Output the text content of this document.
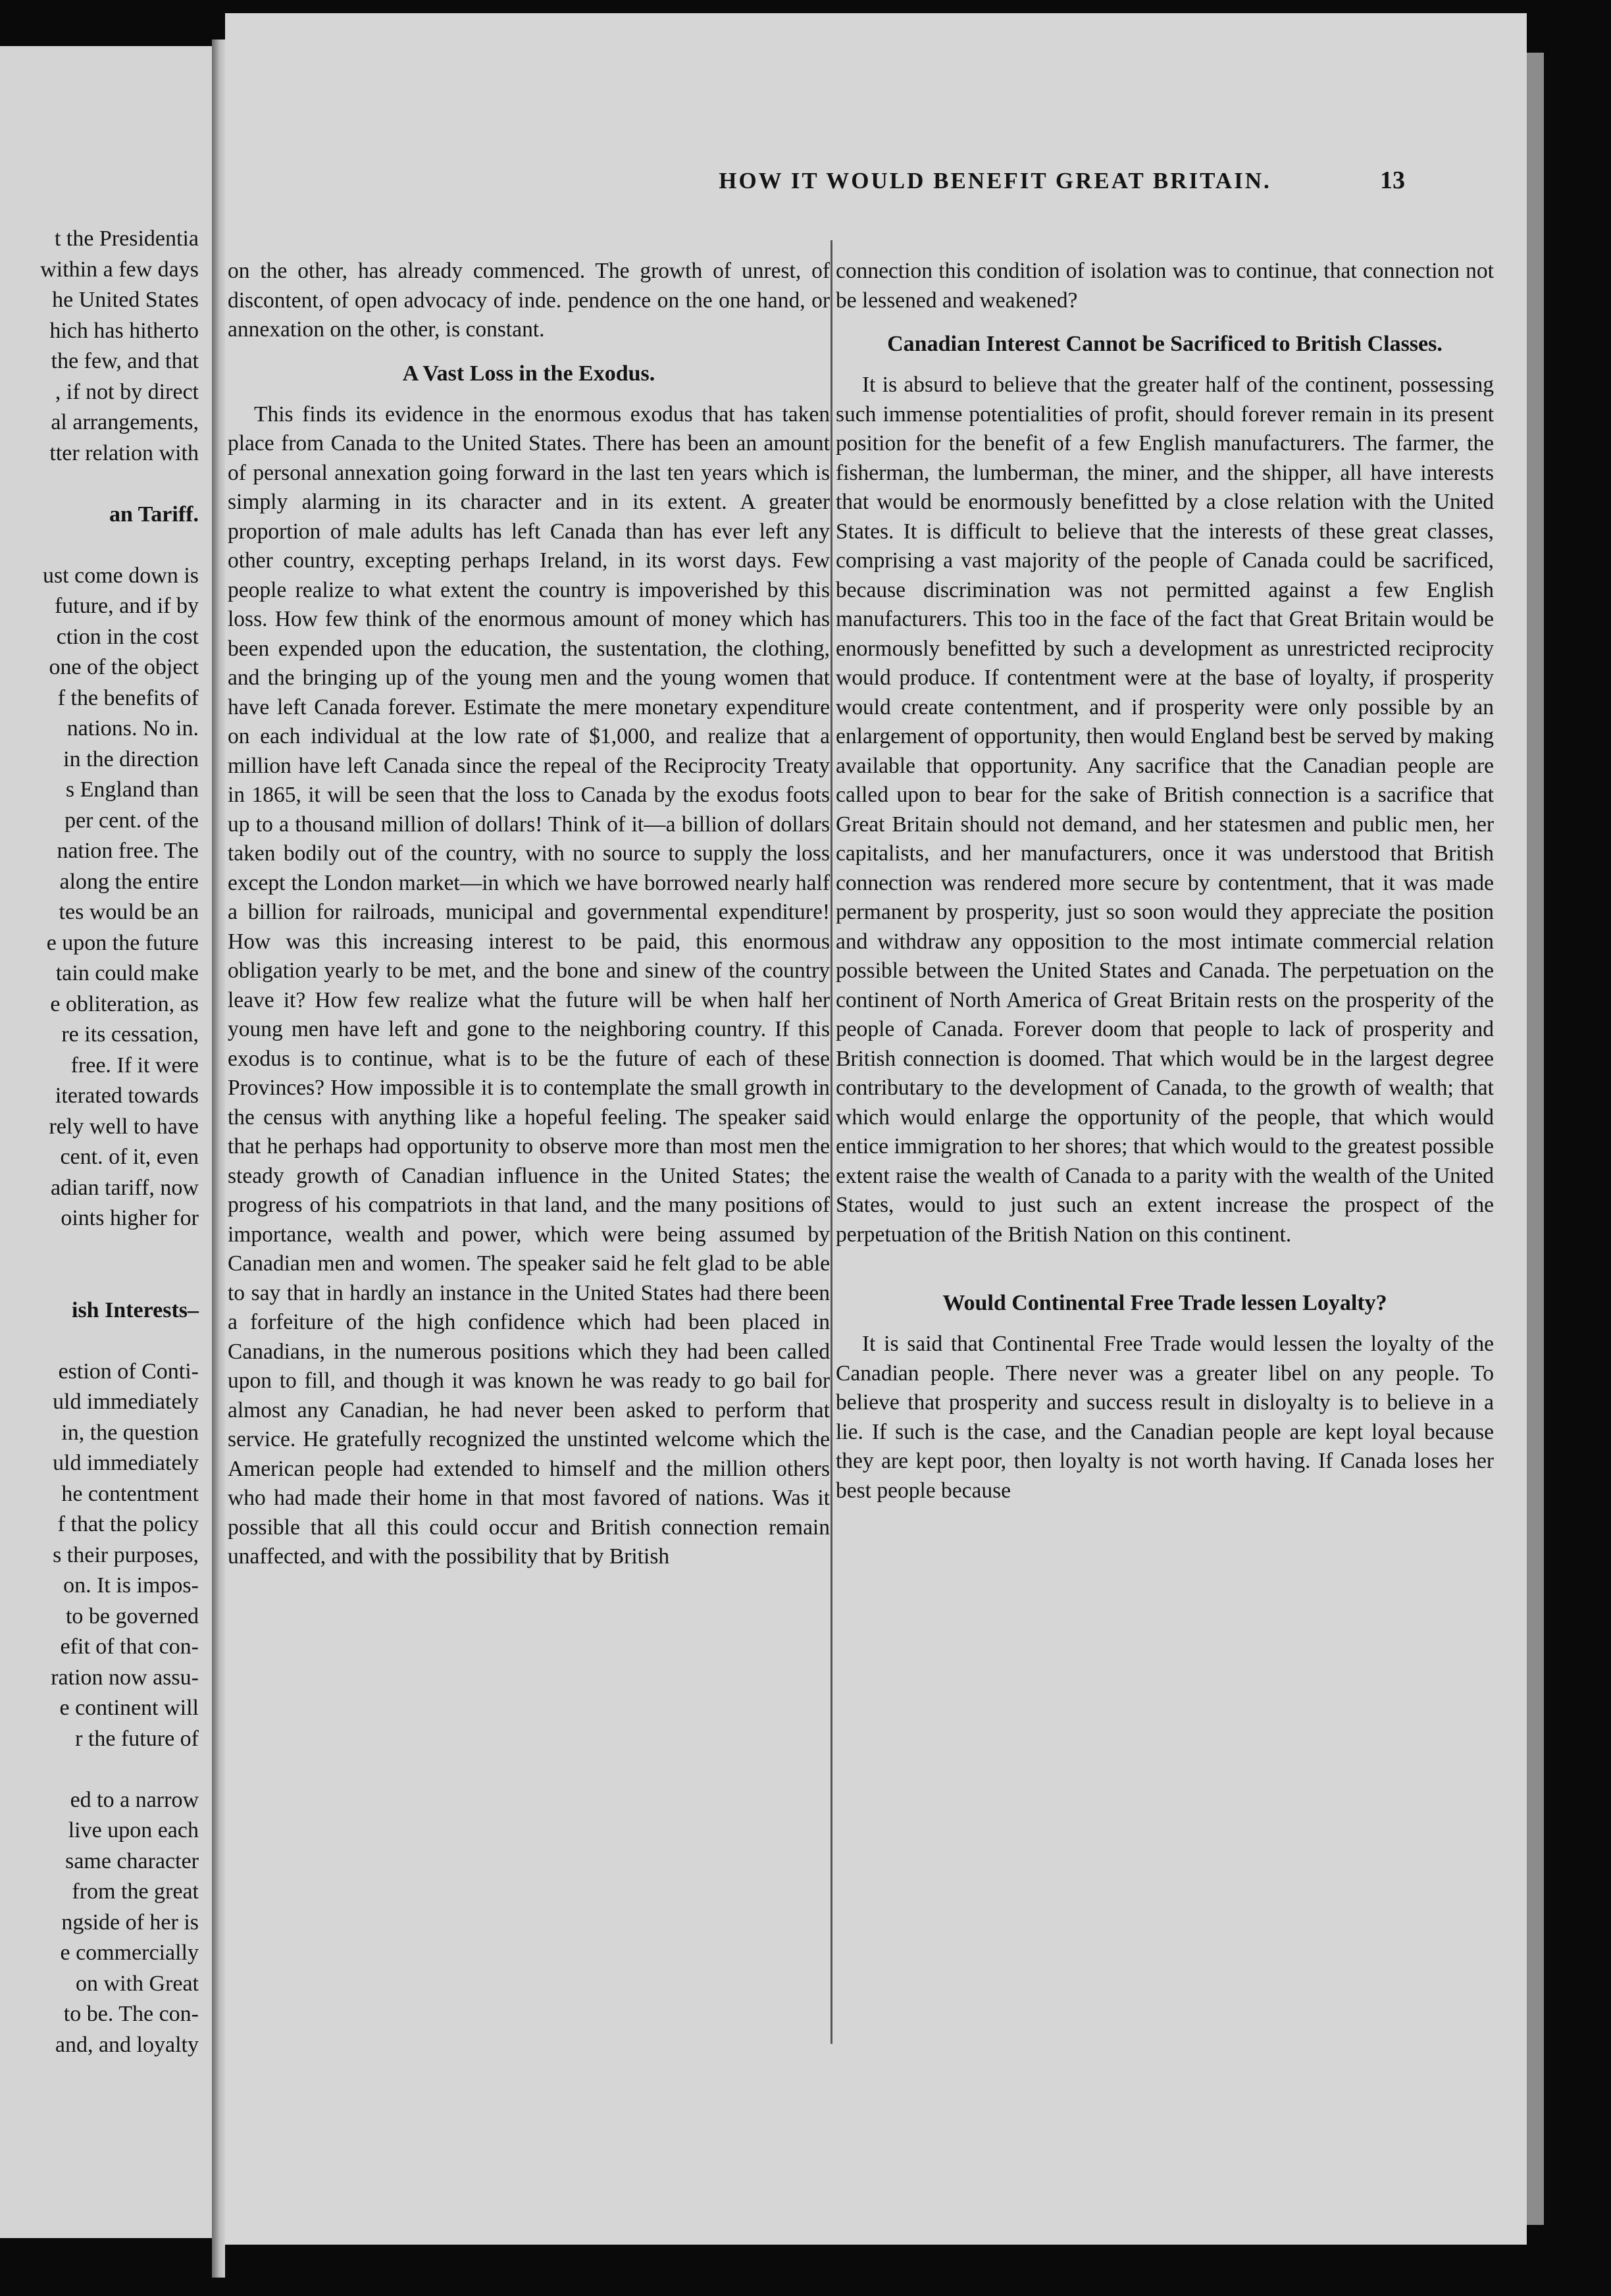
t the Presidentia
within a few days
he United States
hich has hitherto
the few, and that
, if not by direct
al arrangements,
tter relation with
an Tariff.
ust come down is
future, and if by
ction in the cost
one of the object
f the benefits of
nations. No in.
in the direction
s England than
per cent. of the
nation free. The
along the entire
tes would be an
e upon the future
tain could make
e obliteration, as
re its cessation,
free. If it were
iterated towards
rely well to have
cent. of it, even
adian tariff, now
oints higher for
ish Interests–
estion of Conti-
uld immediately
in, the question
uld immediately
he contentment
f that the policy
s their purposes,
on. It is impos-
to be governed
efit of that con-
ration now assu-
e continent will
r the future of
ed to a narrow
live upon each
same character
from the great
ngside of her is
e commercially
on with Great
to be. The con-
and, and loyalty
HOW IT WOULD BENEFIT GREAT BRITAIN.	13

on the other, has already commenced. The growth of unrest, of discontent, of open advocacy of inde. pendence on the one hand, or annexation on the other, is constant.

A Vast Loss in the Exodus.

This finds its evidence in the enormous exodus that has taken place from Canada to the United States. There has been an amount of personal annexation going forward in the last ten years which is simply alarming in its character and in its extent. A greater proportion of male adults has left Canada than has ever left any other country, excepting perhaps Ireland, in its worst days. Few people realize to what extent the country is impoverished by this loss. How few think of the enormous amount of money which has been expended upon the education, the sustentation, the clothing, and the bringing up of the young men and the young women that have left Canada forever. Estimate the mere monetary expenditure on each individual at the low rate of $1,000, and realize that a million have left Canada since the repeal of the Reciprocity Treaty in 1865, it will be seen that the loss to Canada by the exodus foots up to a thousand million of dollars! Think of it—a billion of dollars taken bodily out of the country, with no source to supply the loss except the London market—in which we have borrowed nearly half a billion for railroads, municipal and governmental expenditure! How was this increasing interest to be paid, this enormous obligation yearly to be met, and the bone and sinew of the country leave it? How few realize what the future will be when half her young men have left and gone to the neighboring country. If this exodus is to continue, what is to be the future of each of these Provinces? How impossible it is to contemplate the small growth in the census with anything like a hopeful feeling. The speaker said that he perhaps had opportunity to observe more than most men the steady growth of Canadian influence in the United States; the progress of his compatriots in that land, and the many positions of importance, wealth and power, which were being assumed by Canadian men and women. The speaker said he felt glad to be able to say that in hardly an instance in the United States had there been a forfeiture of the high confidence which had been placed in Canadians, in the numerous positions which they had been called upon to fill, and though it was known he was ready to go bail for almost any Canadian, he had never been asked to perform that service. He gratefully recognized the unstinted welcome which the American people had extended to himself and the million others who had made their home in that most favored of nations. Was it possible that all this could occur and British connection remain unaffected, and with the possibility that by British

connection this condition of isolation was to continue, that connection not be lessened and weakened?

Canadian Interest Cannot be Sacrificed to British Classes.

It is absurd to believe that the greater half of the continent, possessing such immense potentialities of profit, should forever remain in its present position for the benefit of a few English manufacturers. The farmer, the fisherman, the lumberman, the miner, and the shipper, all have interests that would be enormously benefitted by a close relation with the United States. It is difficult to believe that the interests of these great classes, comprising a vast majority of the people of Canada could be sacrificed, because discrimination was not permitted against a few English manufacturers. This too in the face of the fact that Great Britain would be enormously benefitted by such a development as unrestricted reciprocity would produce. If contentment were at the base of loyalty, if prosperity would create contentment, and if prosperity were only possible by an enlargement of opportunity, then would England best be served by making available that opportunity. Any sacrifice that the Canadian people are called upon to bear for the sake of British connection is a sacrifice that Great Britain should not demand, and her statesmen and public men, her capitalists, and her manufacturers, once it was understood that British connection was rendered more secure by contentment, that it was made permanent by prosperity, just so soon would they appreciate the position and withdraw any opposition to the most intimate commercial relation possible between the United States and Canada. The perpetuation on the continent of North America of Great Britain rests on the prosperity of the people of Canada. Forever doom that people to lack of prosperity and British connection is doomed. That which would be in the largest degree contributary to the development of Canada, to the growth of wealth; that which would enlarge the opportunity of the people, that which would entice immigration to her shores; that which would to the greatest possible extent raise the wealth of Canada to a parity with the wealth of the United States, would to just such an extent increase the prospect of the perpetuation of the British Nation on this continent.

Would Continental Free Trade lessen Loyalty?

It is said that Continental Free Trade would lessen the loyalty of the Canadian people. There never was a greater libel on any people. To believe that prosperity and success result in disloyalty is to believe in a lie. If such is the case, and the Canadian people are kept loyal because they are kept poor, then loyalty is not worth having. If Canada loses her best people because
